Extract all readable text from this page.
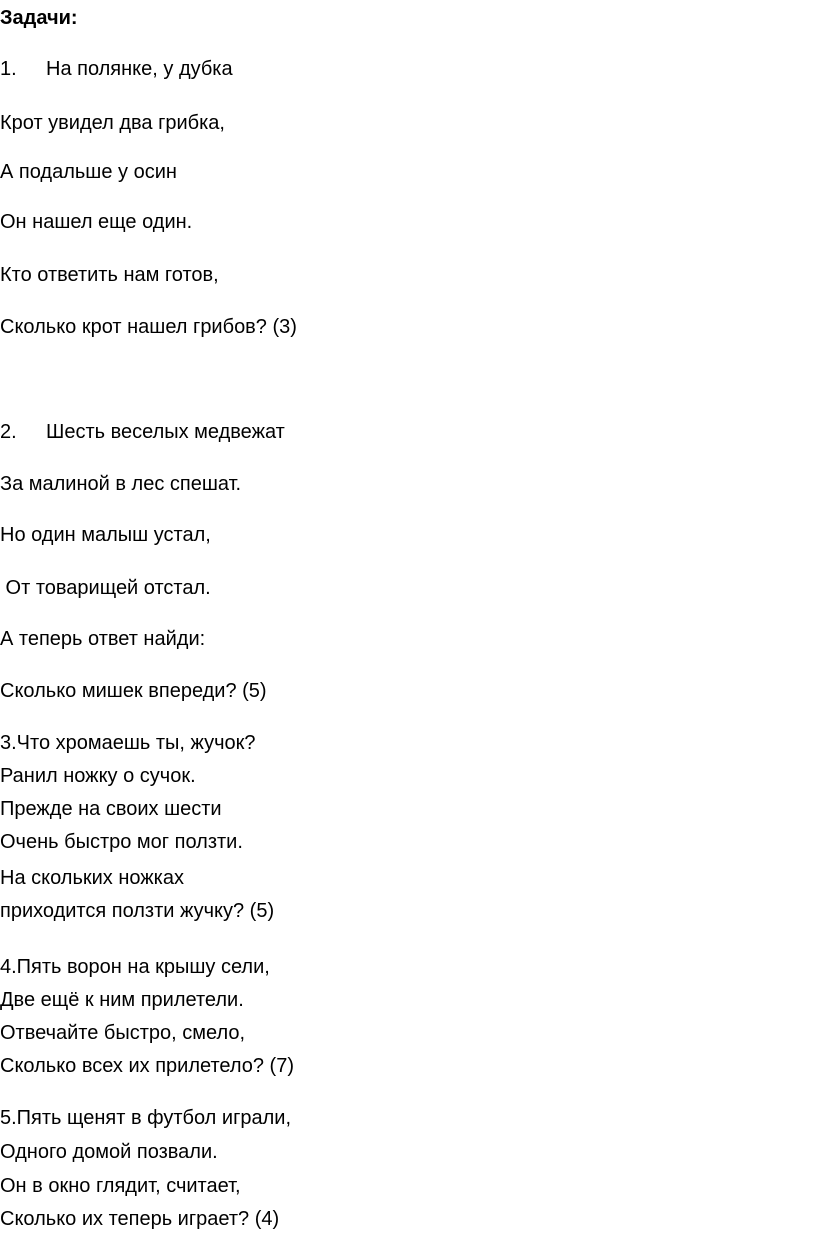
Задачи:

1. На полянке, у дубка

Крот увидел два грибка,

А подальше у осин

Он нашел еще один.

Кто ответить нам готов,

Сколько крот нашел грибов? (3)

2. Шесть веселых медвежат

За малиной в лес спешат.

Но один малыш устал,

От товарищей отстал.

А теперь ответ найди:

Сколько мишек впереди? (5)

3.Что хромаешь ты, жучок?

Ранил ножку о сучок.

Прежде на своих шести

Очень быстро мог ползти.

На скольких ножках

приходится ползти жучку? (5)

4.Пять ворон на крышу сели,

Две ещё к ним прилетели.

Отвечайте быстро, смело,

Сколько всех их прилетело? (7)

5.Пять щенят в футбол играли,

Одного домой позвали.

Он в окно глядит, считает,

Сколько их теперь играет? (4)
